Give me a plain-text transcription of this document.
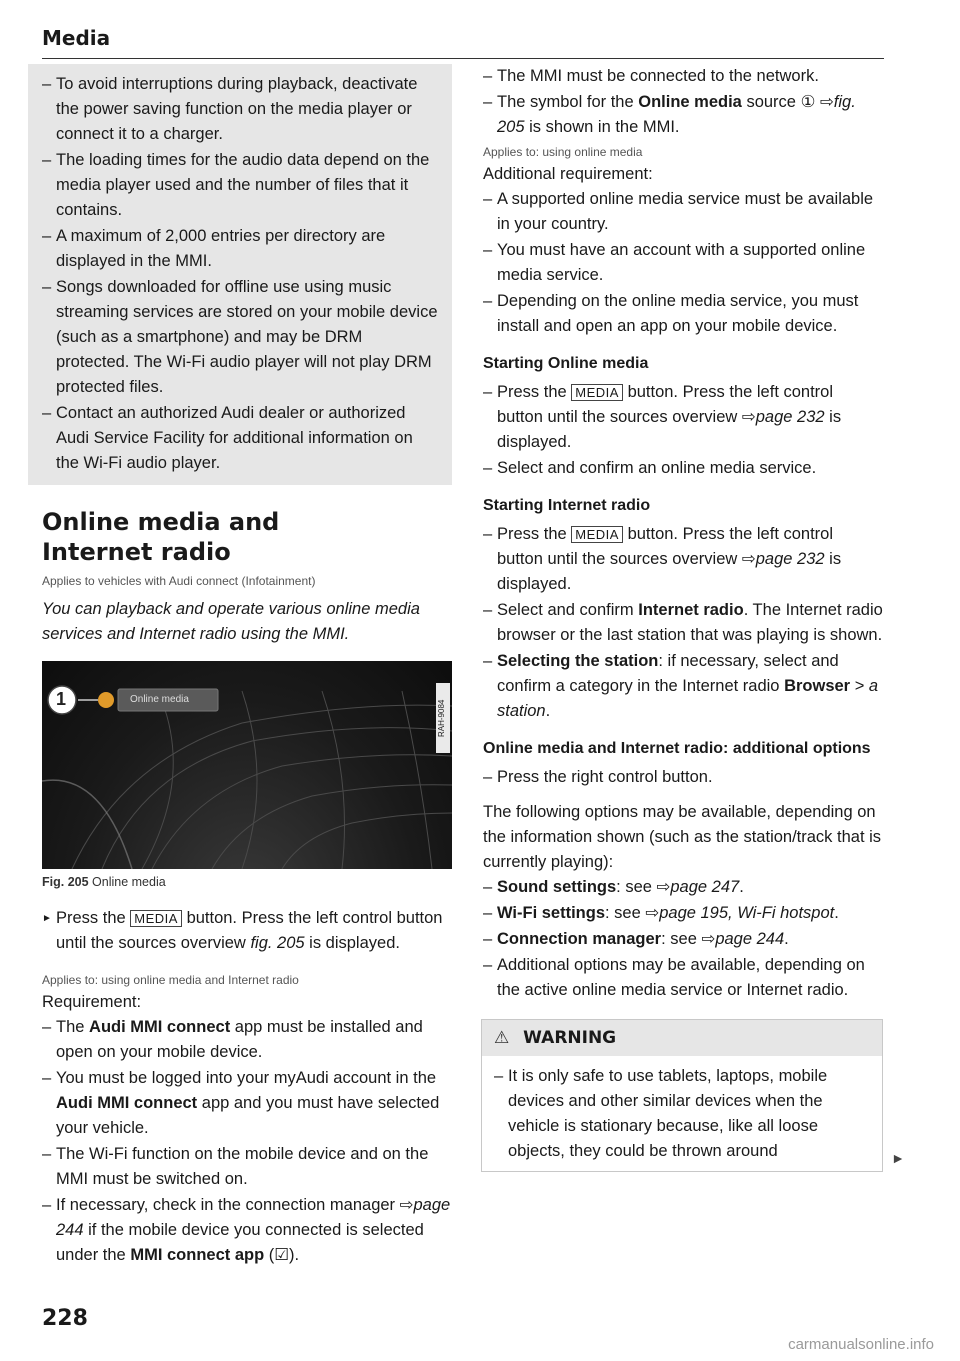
Media

– To avoid interruptions during playback, deactivate the power saving function on the media player or connect it to a charger.

– The loading times for the audio data depend on the media player used and the number of files that it contains.

– A maximum of 2,000 entries per directory are displayed in the MMI.

– Songs downloaded for offline use using music streaming services are stored on your mobile device (such as a smartphone) and may be DRM protected. The Wi-Fi audio player will not play DRM protected files.

– Contact an authorized Audi dealer or authorized Audi Service Facility for additional information on the Wi-Fi audio player.

Online media and
Internet radio
Applies to vehicles with Audi connect (Infotainment)

You can playback and operate various online media services and Internet radio using the MMI.

1	Online media	RAH-9084
Fig. 205 Online media

► Press the MEDIA button. Press the left control button until the sources overview fig. 205 is displayed.

Applies to: using online media and Internet radio

Requirement:

– The Audi MMI connect app must be installed and open on your mobile device.

– You must be logged into your myAudi account in the Audi MMI connect app and you must have selected your vehicle.

– The Wi-Fi function on the mobile device and on the MMI must be switched on.

– If necessary, check in the connection manager ⇨page 244 if the mobile device you connected is selected under the MMI connect app (☑).

– The MMI must be connected to the network.

– The symbol for the Online media source ① ⇨fig. 205 is shown in the MMI.

Applies to: using online media

Additional requirement:

– A supported online media service must be available in your country.

– You must have an account with a supported online media service.

– Depending on the online media service, you must install and open an app on your mobile device.

Starting Online media

– Press the MEDIA button. Press the left control button until the sources overview ⇨page 232 is displayed.

– Select and confirm an online media service.

Starting Internet radio

– Press the MEDIA button. Press the left control button until the sources overview ⇨page 232 is displayed.

– Select and confirm Internet radio. The Internet radio browser or the last station that was playing is shown.

– Selecting the station: if necessary, select and confirm a category in the Internet radio Browser > a station.

Online media and Internet radio: additional options

– Press the right control button.

The following options may be available, depending on the information shown (such as the station/track that is currently playing):

– Sound settings: see ⇨page 247.

– Wi-Fi settings: see ⇨page 195, Wi-Fi hotspot.

– Connection manager: see ⇨page 244.

– Additional options may be available, depending on the active online media service or Internet radio.

⚠ WARNING

– It is only safe to use tablets, laptops, mobile devices and other similar devices when the vehicle is stationary because, like all loose objects, they could be thrown around	►
228
carmanualsonline.info
